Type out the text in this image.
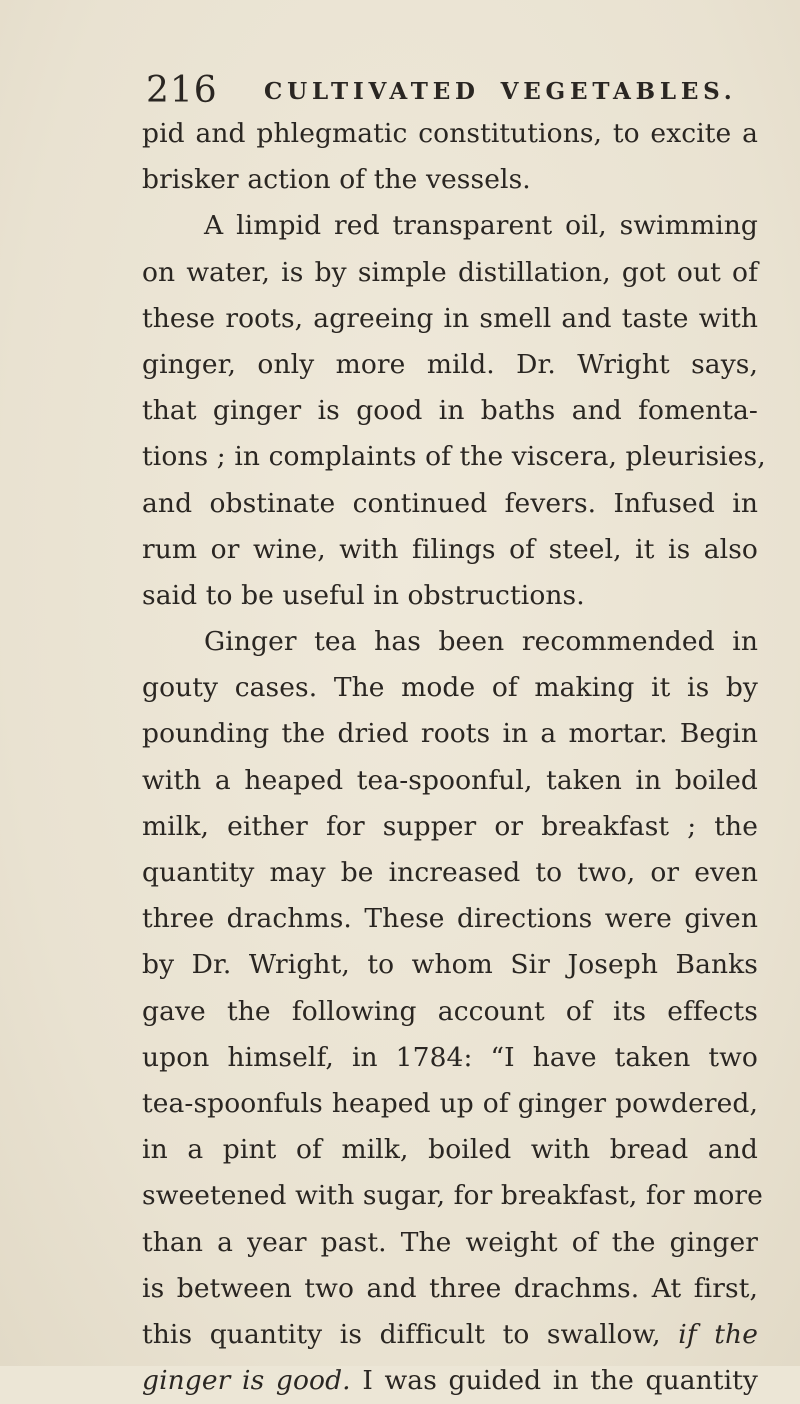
216 CULTIVATED VEGETABLES.
pid and phlegmatic constitutions, to excite a
brisker action of the vessels.
A limpid red transparent oil, swimming
on water, is by simple distillation, got out of
these roots, agreeing in smell and taste with
ginger, only more mild. Dr. Wright says,
that ginger is good in baths and fomenta-
tions ; in complaints of the viscera, pleurisies,
and obstinate continued fevers. Infused in
rum or wine, with filings of steel, it is also
said to be useful in obstructions.
Ginger tea has been recommended in
gouty cases. The mode of making it is by
pounding the dried roots in a mortar. Begin
with a heaped tea-spoonful, taken in boiled
milk, either for supper or breakfast ; the
quantity may be increased to two, or even
three drachms. These directions were given
by Dr. Wright, to whom Sir Joseph Banks
gave the following account of its effects
upon himself, in 1784: “I have taken two
tea-spoonfuls heaped up of ginger powdered,
in a pint of milk, boiled with bread and
sweetened with sugar, for breakfast, for more
than a year past. The weight of the ginger
is between two and three drachms. At first,
this quantity is difficult to swallow, if the
ginger is good. I was guided in the quantity
